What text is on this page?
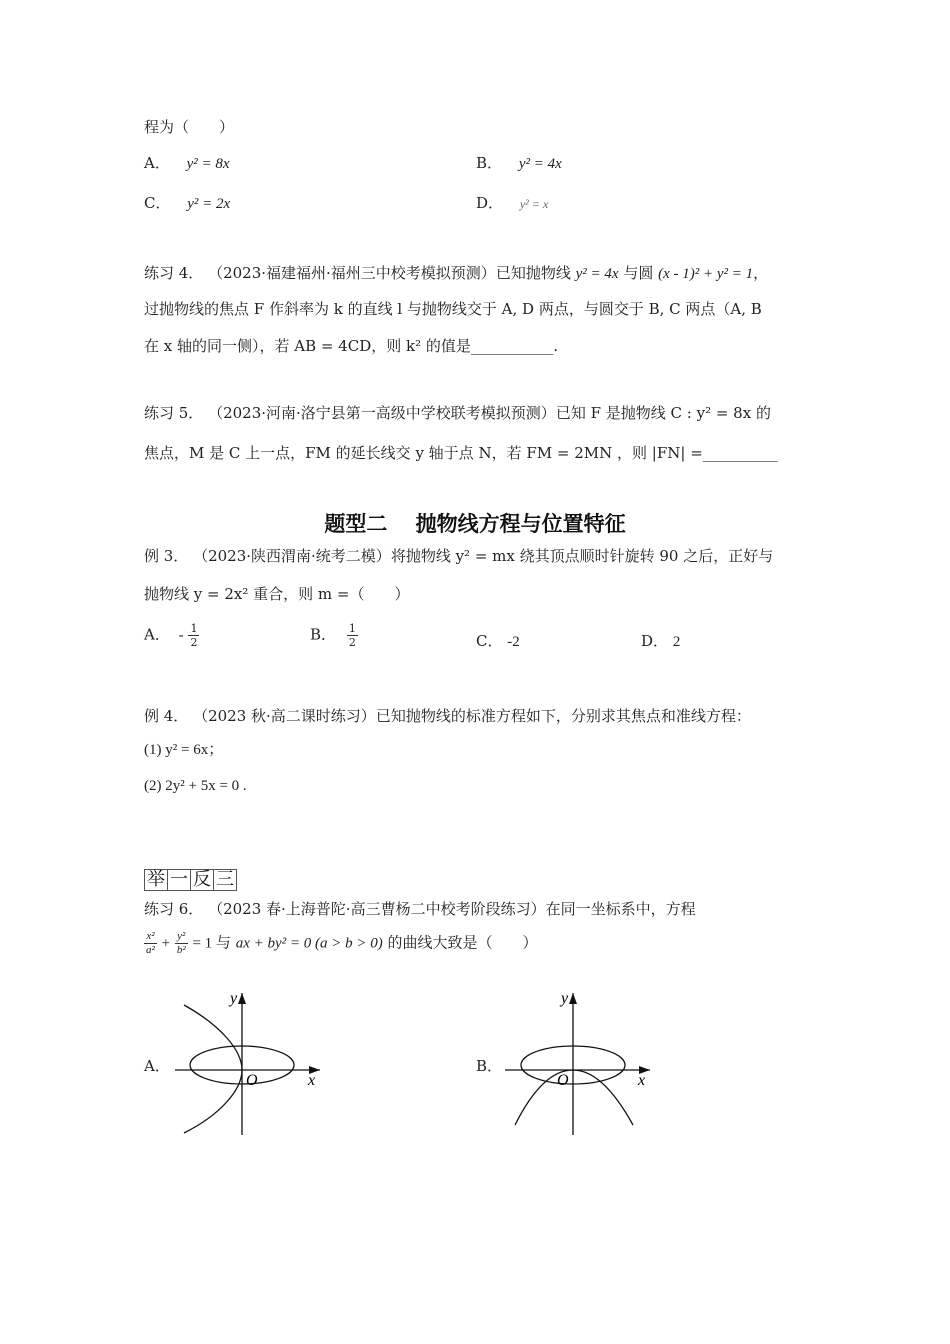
程为（　　）
A． y² = 8x	B． y² = 4x
C． y² = 2x	D． y² = x
练习 4． （2023·福建福州·福州三中校考模拟预测）已知抛物线 y² = 4x 与圆 (x - 1)² + y² = 1，
过抛物线的焦点 F 作斜率为 k 的直线 l 与抛物线交于 A, D 两点，与圆交于 B, C 两点（A, B
在 x 轴的同一侧），若 AB = 4CD，则 k² 的值是___________.
练习 5． （2023·河南·洛宁县第一高级中学校联考模拟预测）已知 F 是抛物线 C : y² = 8x 的
焦点，M 是 C 上一点，FM 的延长线交 y 轴于点 N，若 FM = 2MN ，则 |FN| =__________
题型二　 抛物线方程与位置特征
例 3． （2023·陕西渭南·统考二模）将抛物线 y² = mx 绕其顶点顺时针旋转 90 之后，正好与
抛物线 y = 2x² 重合，则 m =（　　）
A． - $\frac{1}{2}$	B． $\frac{1}{2}$	C． -2	D． 2
例 4． （2023 秋·高二课时练习）已知抛物线的标准方程如下，分别求其焦点和准线方程：
(1) y² = 6x；
(2) 2y² + 5x = 0 .
举 一 反 三
练习 6． （2023 春·上海普陀·高三曹杨二中校考阶段练习）在同一坐标系中，方程
$\frac{\text{x²}}{\text{a²}} + \frac{\text{y²}}{\text{b²}} = 1$ 与 ax + by² = 0 (a > b > 0) 的曲线大致是（　　）
A．
O	x
y
B．
O	x
y
